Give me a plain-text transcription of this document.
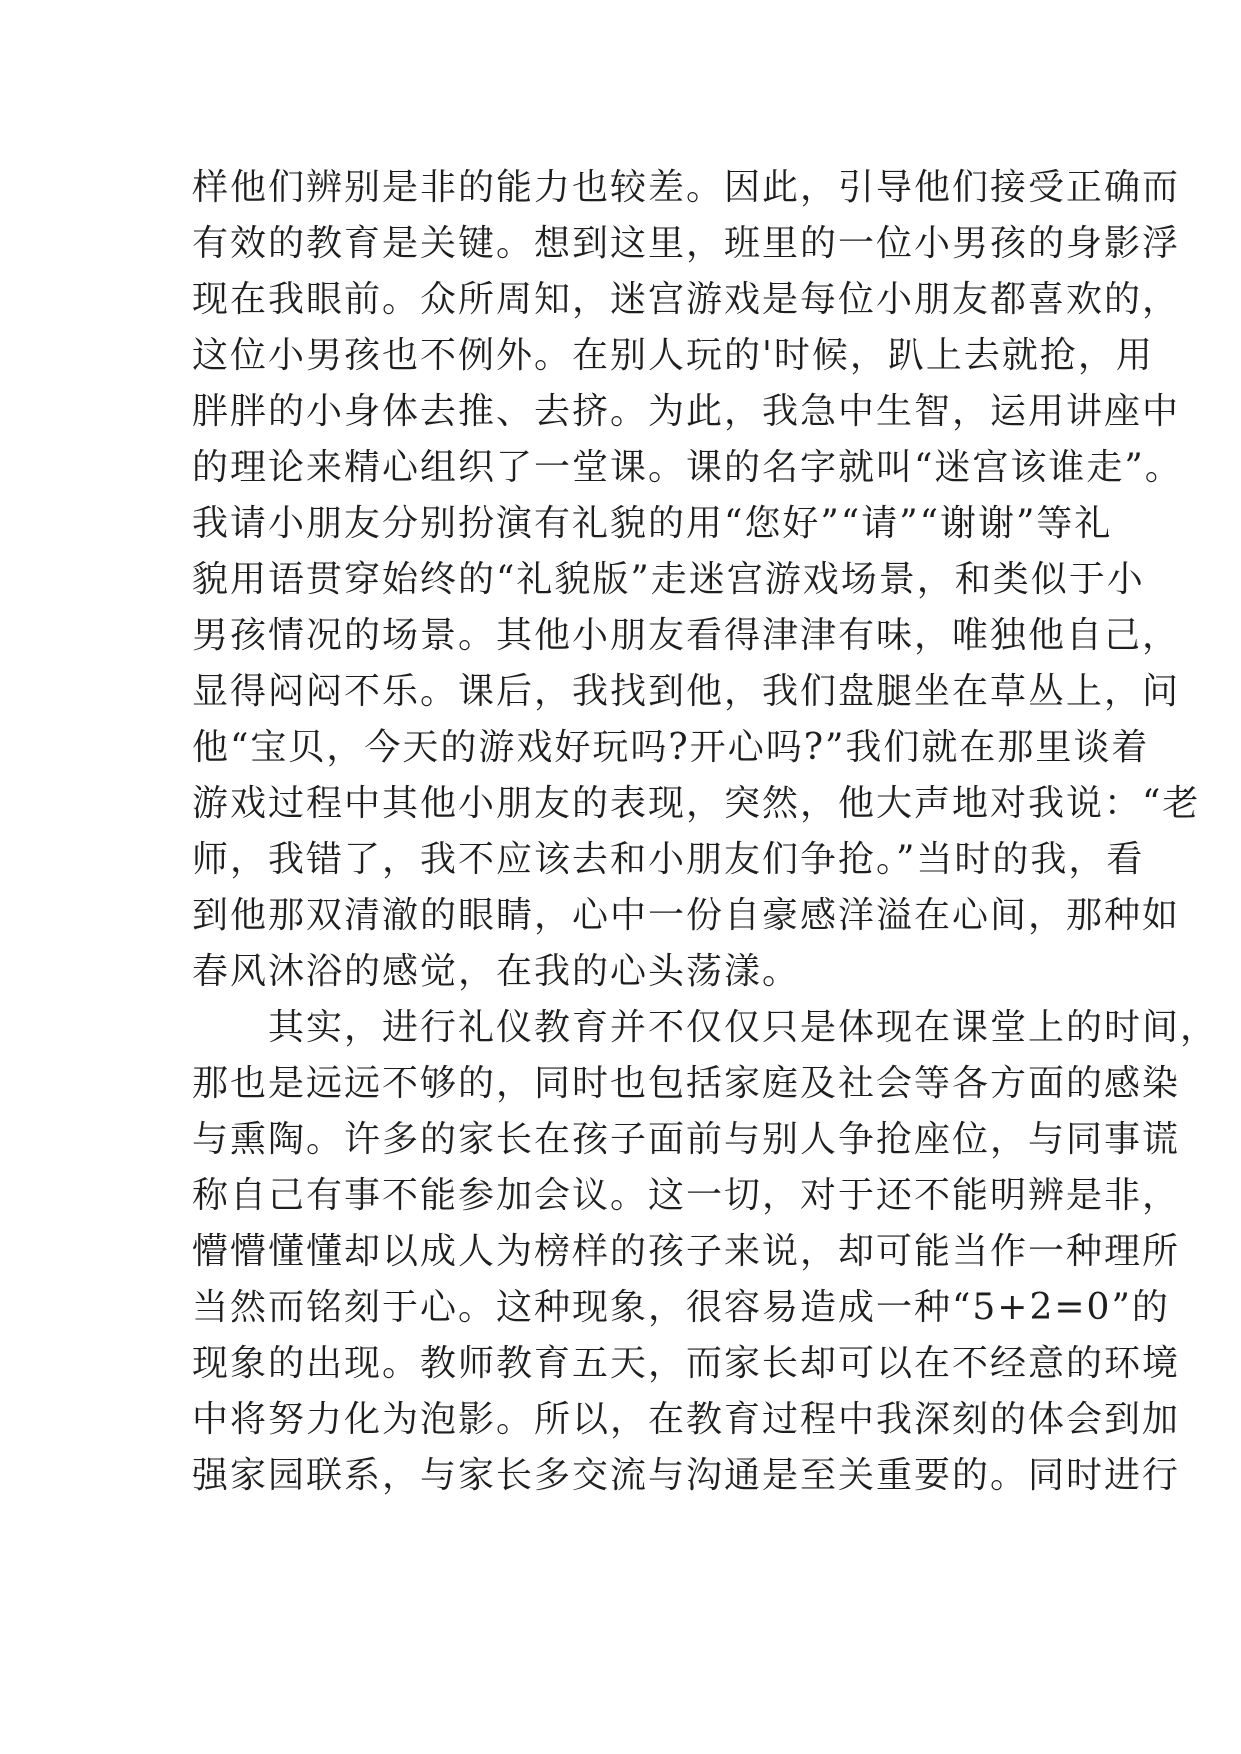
样他们辨别是非的能力也较差。因此，引导他们接受正确而
有效的教育是关键。想到这里，班里的一位小男孩的身影浮
现在我眼前。众所周知，迷宫游戏是每位小朋友都喜欢的，
这位小男孩也不例外。在别人玩的'时候，趴上去就抢，用
胖胖的小身体去推、去挤。为此，我急中生智，运用讲座中
的理论来精心组织了一堂课。课的名字就叫“迷宫该谁走”。
我请小朋友分别扮演有礼貌的用“您好”“请”“谢谢”等礼
貌用语贯穿始终的“礼貌版”走迷宫游戏场景，和类似于小
男孩情况的场景。其他小朋友看得津津有味，唯独他自己，
显得闷闷不乐。课后，我找到他，我们盘腿坐在草丛上，问
他“宝贝，今天的游戏好玩吗?开心吗?”我们就在那里谈着
游戏过程中其他小朋友的表现，突然，他大声地对我说：“老
师，我错了，我不应该去和小朋友们争抢。”当时的我，看
到他那双清澈的眼睛，心中一份自豪感洋溢在心间，那种如
春风沐浴的感觉，在我的心头荡漾。

　　其实，进行礼仪教育并不仅仅只是体现在课堂上的时间，
那也是远远不够的，同时也包括家庭及社会等各方面的感染
与熏陶。许多的家长在孩子面前与别人争抢座位，与同事谎
称自己有事不能参加会议。这一切，对于还不能明辨是非，
懵懵懂懂却以成人为榜样的孩子来说，却可能当作一种理所
当然而铭刻于心。这种现象，很容易造成一种“5+2=0”的
现象的出现。教师教育五天，而家长却可以在不经意的环境
中将努力化为泡影。所以，在教育过程中我深刻的体会到加
强家园联系，与家长多交流与沟通是至关重要的。同时进行
